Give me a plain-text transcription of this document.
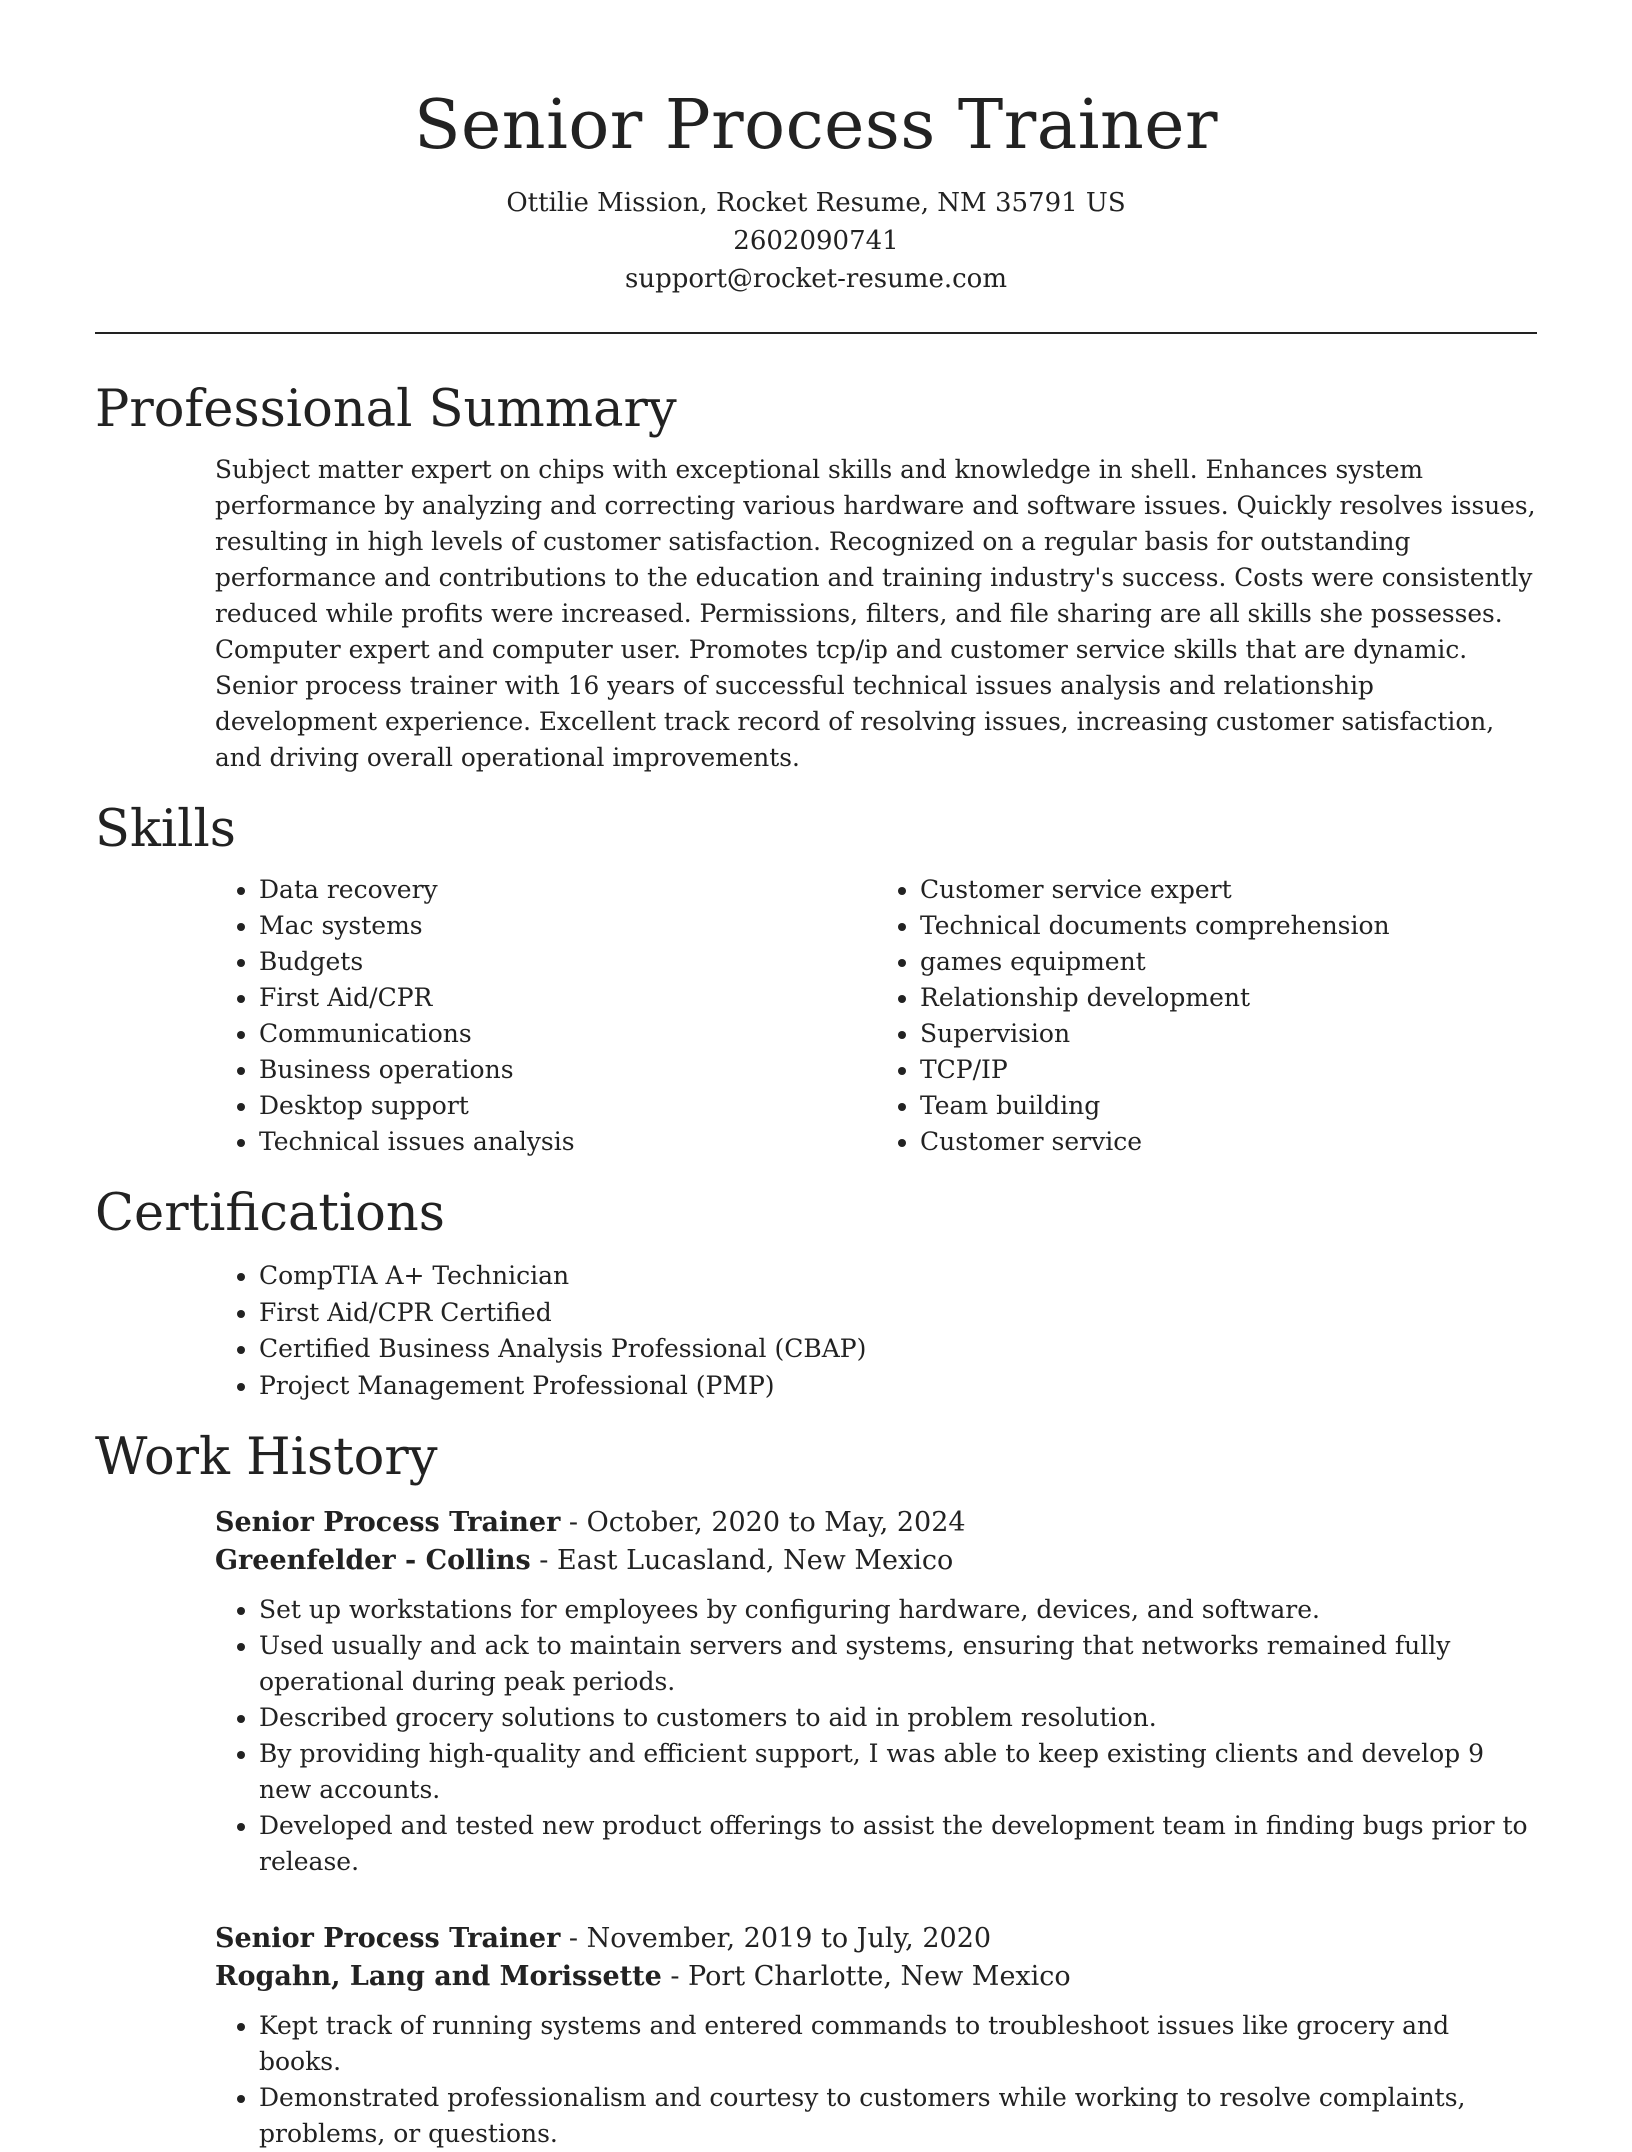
Senior Process Trainer
Ottilie Mission, Rocket Resume, NM 35791 US
2602090741
support@rocket-resume.com
Professional Summary

Subject matter expert on chips with exceptional skills and knowledge in shell. Enhances system performance by analyzing and correcting various hardware and software issues. Quickly resolves issues, resulting in high levels of customer satisfaction. Recognized on a regular basis for outstanding performance and contributions to the education and training industry's success. Costs were consistently reduced while profits were increased. Permissions, filters, and file sharing are all skills she possesses. Computer expert and computer user. Promotes tcp/ip and customer service skills that are dynamic. Senior process trainer with 16 years of successful technical issues analysis and relationship development experience. Excellent track record of resolving issues, increasing customer satisfaction, and driving overall operational improvements.

Skills
• Data recovery
• Mac systems
• Budgets
• First Aid/CPR
• Communications
• Business operations
• Desktop support
• Technical issues analysis
• Customer service expert
• Technical documents comprehension
• games equipment
• Relationship development
• Supervision
• TCP/IP
• Team building
• Customer service
Certifications
• CompTIA A+ Technician
• First Aid/CPR Certified
• Certified Business Analysis Professional (CBAP)
• Project Management Professional (PMP)
Work History

Senior Process Trainer - October, 2020 to May, 2024

Greenfelder - Collins - East Lucasland, New Mexico

• Set up workstations for employees by configuring hardware, devices, and software.
• Used usually and ack to maintain servers and systems, ensuring that networks remained fully operational during peak periods.
• Described grocery solutions to customers to aid in problem resolution.
• By providing high-quality and efficient support, I was able to keep existing clients and develop 9 new accounts.
• Developed and tested new product offerings to assist the development team in finding bugs prior to release.

Senior Process Trainer - November, 2019 to July, 2020

Rogahn, Lang and Morissette - Port Charlotte, New Mexico

• Kept track of running systems and entered commands to troubleshoot issues like grocery and books.
• Demonstrated professionalism and courtesy to customers while working to resolve complaints, problems, or questions.
